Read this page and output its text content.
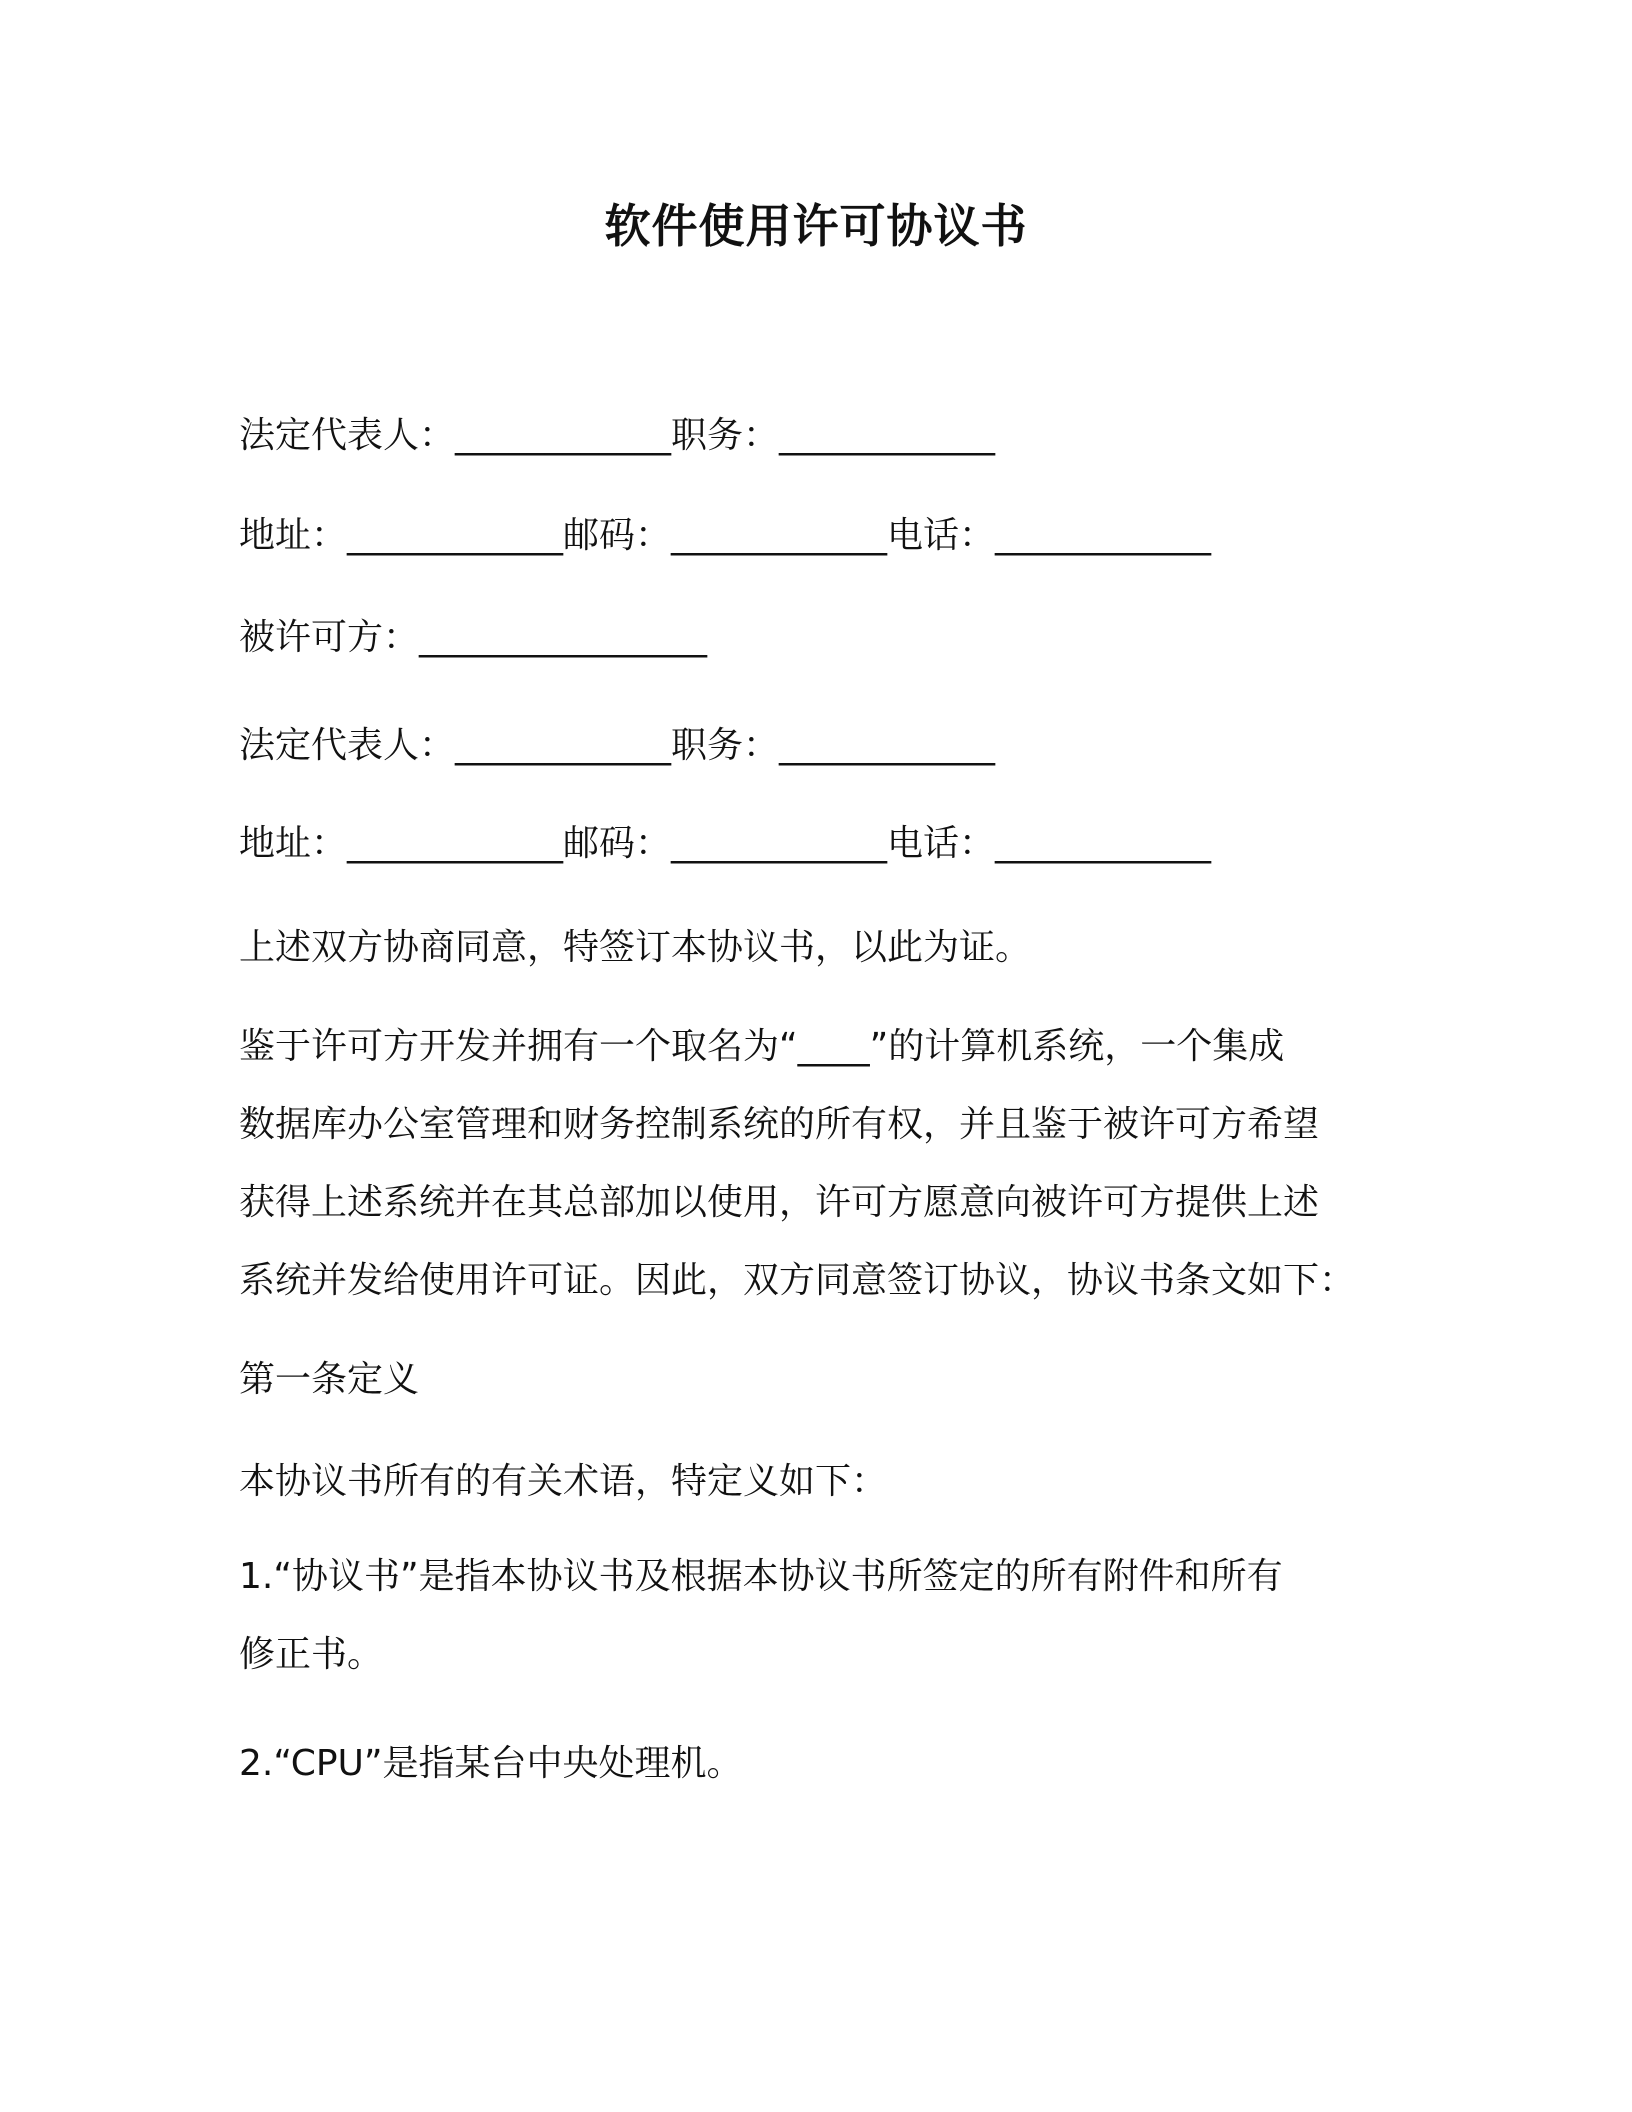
软件使用许可协议书
法定代表人：____________职务：____________
地址：____________邮码：____________电话：____________
被许可方：________________
法定代表人：____________职务：____________
地址：____________邮码：____________电话：____________
上述双方协商同意，特签订本协议书，以此为证。
鉴于许可方开发并拥有一个取名为“____”的计算机系统，一个集成
数据库办公室管理和财务控制系统的所有权，并且鉴于被许可方希望
获得上述系统并在其总部加以使用，许可方愿意向被许可方提供上述
系统并发给使用许可证。因此，双方同意签订协议，协议书条文如下：
第一条定义
本协议书所有的有关术语，特定义如下：
1.“协议书”是指本协议书及根据本协议书所签定的所有附件和所有
修正书。
2.“CPU”是指某台中央处理机。
